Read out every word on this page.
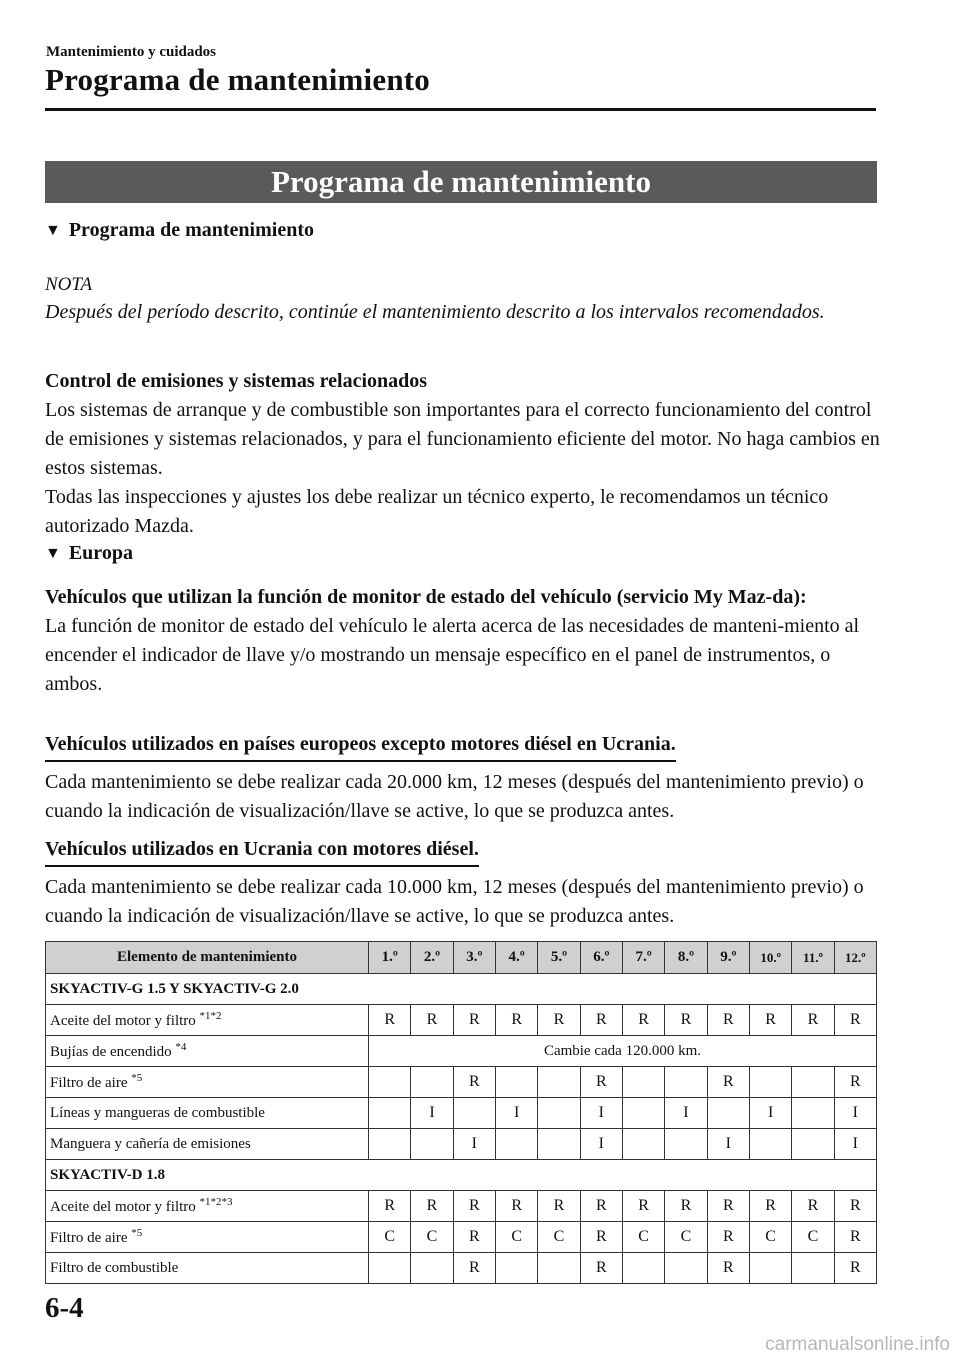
Mantenimiento y cuidados
Programa de mantenimiento
Programa de mantenimiento
▼ Programa de mantenimiento
NOTA
Después del período descrito, continúe el mantenimiento descrito a los intervalos recomendados.

Control de emisiones y sistemas relacionados

Los sistemas de arranque y de combustible son importantes para el correcto funcionamiento del control de emisiones y sistemas relacionados, y para el funcionamiento eficiente del motor. No haga cambios en estos sistemas.

Todas las inspecciones y ajustes los debe realizar un técnico experto, le recomendamos un técnico autorizado Mazda.

▼ Europa

Vehículos que utilizan la función de monitor de estado del vehículo (servicio My Maz-da):

La función de monitor de estado del vehículo le alerta acerca de las necesidades de manteni-miento al encender el indicador de llave y/o mostrando un mensaje específico en el panel de instrumentos, o ambos.

Vehículos utilizados en países europeos excepto motores diésel en Ucrania.
Cada mantenimiento se debe realizar cada 20.000 km, 12 meses (después del mantenimiento previo) o cuando la indicación de visualización/llave se active, lo que se produzca antes.
Vehículos utilizados en Ucrania con motores diésel.
Cada mantenimiento se debe realizar cada 10.000 km, 12 meses (después del mantenimiento previo) o cuando la indicación de visualización/llave se active, lo que se produzca antes.
Elemento de mantenimiento	1.º	2.º	3.º	4.º	5.º	6.º	7.º	8.º	9.º	10.º	11.º	12.º
SKYACTIV-G 1.5 Y SKYACTIV-G 2.0												
Aceite del motor y filtro $^{*1*2}$	R	R	R	R	R	R	R	R	R	R	R	R
Bujías de encendido $^{*4}$	Cambie cada 120.000 km.											
Filtro de aire $^{*5}$			R			R			R			R
Líneas y mangueras de combustible		I		I		I		I		I		I
Manguera y cañería de emisiones			I			I			I			I
SKYACTIV-D 1.8												
Aceite del motor y filtro $^{*1*2*3}$	R	R	R	R	R	R	R	R	R	R	R	R
Filtro de aire $^{*5}$	C	C	R	C	C	R	C	C	R	C	C	R
Filtro de combustible			R			R			R			R
6-4
carmanualsonline.info
